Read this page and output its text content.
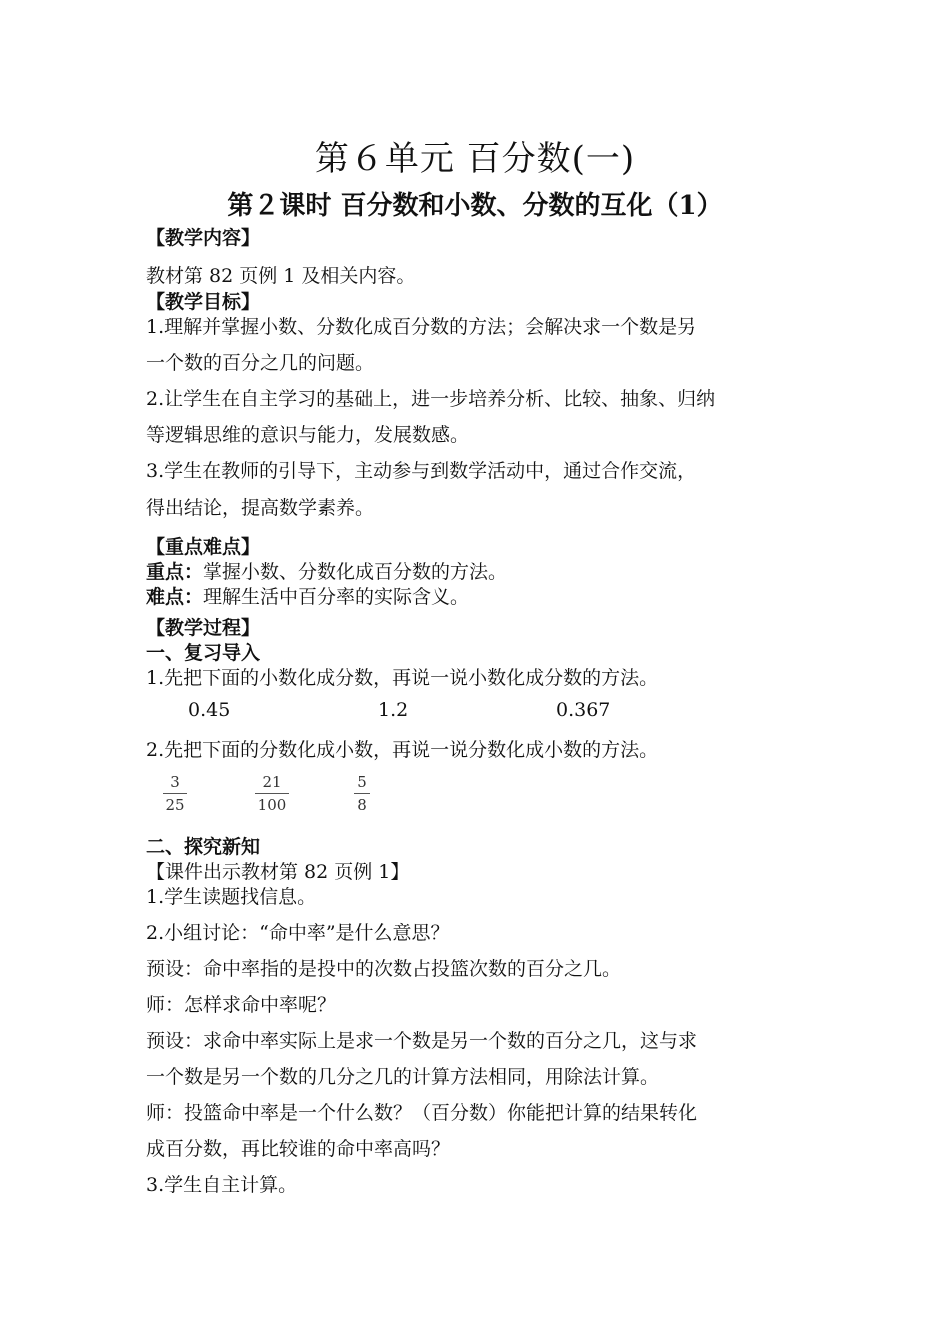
第６单元 百分数(一)
第２课时 百分数和小数、分数的互化（1）
【教学内容】
教材第 82 页例 1 及相关内容。
【教学目标】
1.理解并掌握小数、分数化成百分数的方法；会解决求一个数是另
一个数的百分之几的问题。
2.让学生在自主学习的基础上，进一步培养分析、比较、抽象、归纳
等逻辑思维的意识与能力，发展数感。
3.学生在教师的引导下，主动参与到数学活动中，通过合作交流，
得出结论，提高数学素养。
【重点难点】
重点：掌握小数、分数化成百分数的方法。
难点：理解生活中百分率的实际含义。
【教学过程】
一、复习导入
1.先把下面的小数化成分数，再说一说小数化成分数的方法。
0.45	1.2	0.367
2.先把下面的分数化成小数，再说一说分数化成小数的方法。
3
25
21
100
5
8
二、探究新知
【课件出示教材第 82 页例 1】
1.学生读题找信息。
2.小组讨论：“命中率”是什么意思？
预设：命中率指的是投中的次数占投篮次数的百分之几。
师：怎样求命中率呢？
预设：求命中率实际上是求一个数是另一个数的百分之几，这与求
一个数是另一个数的几分之几的计算方法相同，用除法计算。
师：投篮命中率是一个什么数？（百分数）你能把计算的结果转化
成百分数，再比较谁的命中率高吗？
3.学生自主计算。
